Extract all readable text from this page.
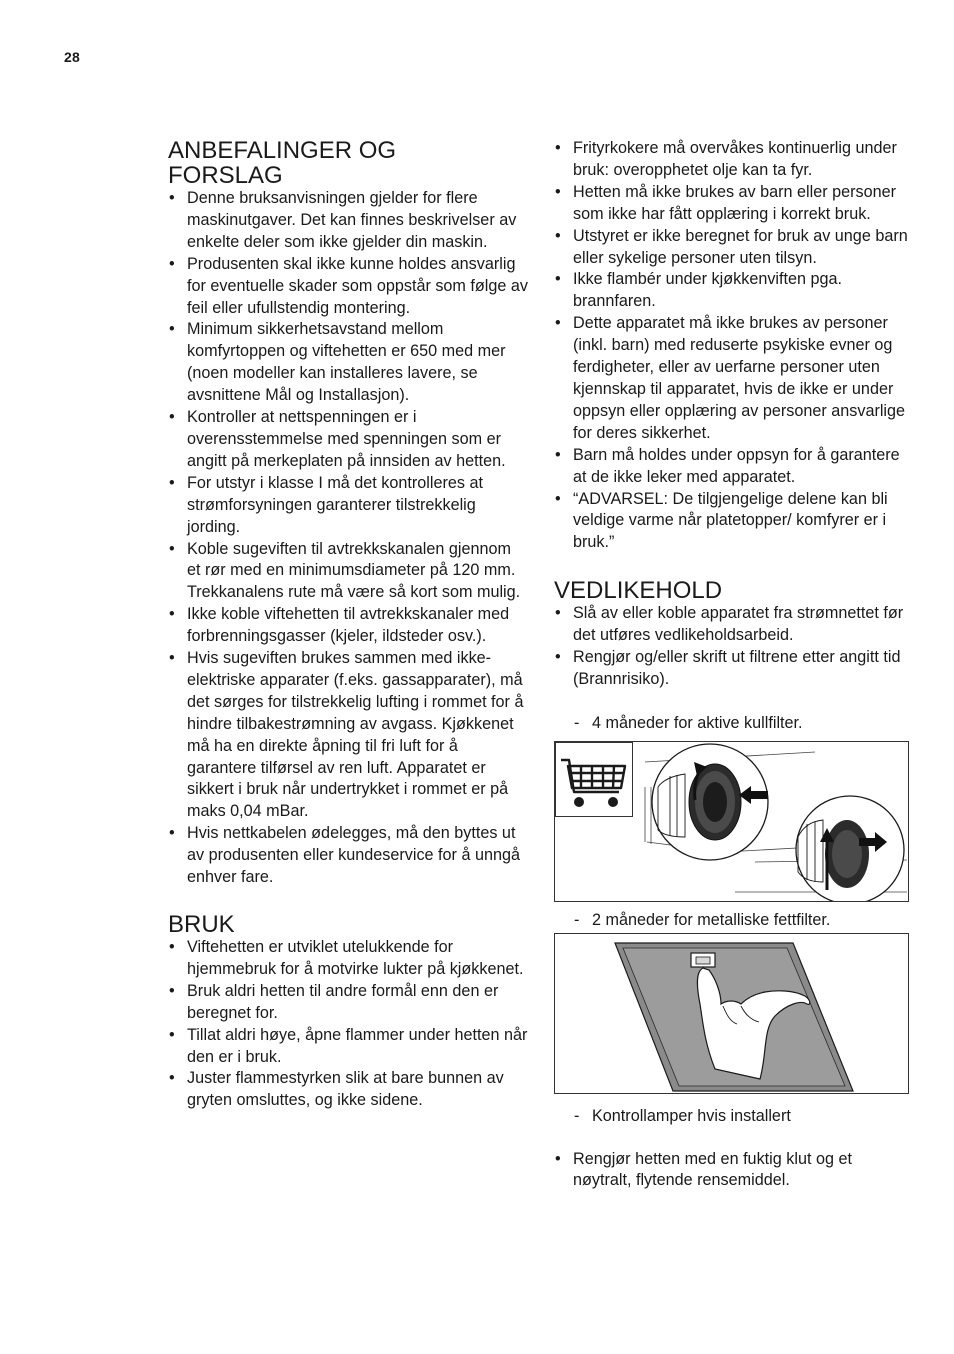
28
ANBEFALINGER OG
FORSLAG
• Denne bruksanvisningen gjelder for flere maskinutgaver. Det kan finnes beskrivelser av enkelte deler som ikke gjelder din maskin.
• Produsenten skal ikke kunne holdes ansvarlig for eventuelle skader som oppstår som følge av feil eller ufullstendig montering.
• Minimum sikkerhetsavstand mellom komfyrtoppen og viftehetten er 650 med mer (noen modeller kan installeres lavere, se avsnittene Mål og Installasjon).
• Kontroller at nettspenningen er i overensstemmelse med spenningen som er angitt på merkeplaten på innsiden av hetten.
• For utstyr i klasse I må det kontrolleres at strømforsyningen garanterer tilstrekkelig jording.
• Koble sugeviften til avtrekkskanalen gjennom et rør med en minimumsdiameter på 120 mm. Trekkanalens rute må være så kort som mulig.
• Ikke koble viftehetten til avtrekkskanaler med forbrenningsgasser (kjeler, ildsteder osv.).
• Hvis sugeviften brukes sammen med ikke-elektriske apparater (f.eks. gassapparater), må det sørges for tilstrekkelig lufting i rommet for å hindre tilbakestrømning av avgass. Kjøkkenet må ha en direkte åpning til fri luft for å garantere tilførsel av ren luft. Apparatet er sikkert i bruk når undertrykket i rommet er på maks 0,04 mBar.
• Hvis nettkabelen ødelegges, må den byttes ut av produsenten eller kundeservice for å unngå enhver fare.
BRUK
• Viftehetten er utviklet utelukkende for hjemmebruk for å motvirke lukter på kjøkkenet.
• Bruk aldri hetten til andre formål enn den er beregnet for.
• Tillat aldri høye, åpne flammer under hetten når den er i bruk.
• Juster flammestyrken slik at bare bunnen av gryten omsluttes, og ikke sidene.
• Frityrkokere må overvåkes kontinuerlig under bruk: overopphetet olje kan ta fyr.
• Hetten må ikke brukes av barn eller personer som ikke har fått opplæring i korrekt bruk.
• Utstyret er ikke beregnet for bruk av unge barn eller sykelige personer uten tilsyn.
• Ikke flambér under kjøkkenviften pga. brannfaren.
• Dette apparatet må ikke brukes av personer (inkl. barn) med reduserte psykiske evner og ferdigheter, eller av uerfarne personer uten kjennskap til apparatet, hvis de ikke er under oppsyn eller opplæring av personer ansvarlige for deres sikkerhet.
• Barn må holdes under oppsyn for å garantere at de ikke leker med apparatet.
• “ADVARSEL: De tilgjengelige delene kan bli veldige varme når platetopper/ komfyrer er i bruk.”
VEDLIKEHOLD
• Slå av eller koble apparatet fra strømnettet før det utføres vedlikeholdsarbeid.
• Rengjør og/eller skrift ut filtrene etter angitt tid (Brannrisiko).
- 4 måneder for aktive kullfilter.
- 2 måneder for metalliske fettfilter.
- Kontrollamper hvis installert
• Rengjør hetten med en fuktig klut og et nøytralt, flytende rensemiddel.
